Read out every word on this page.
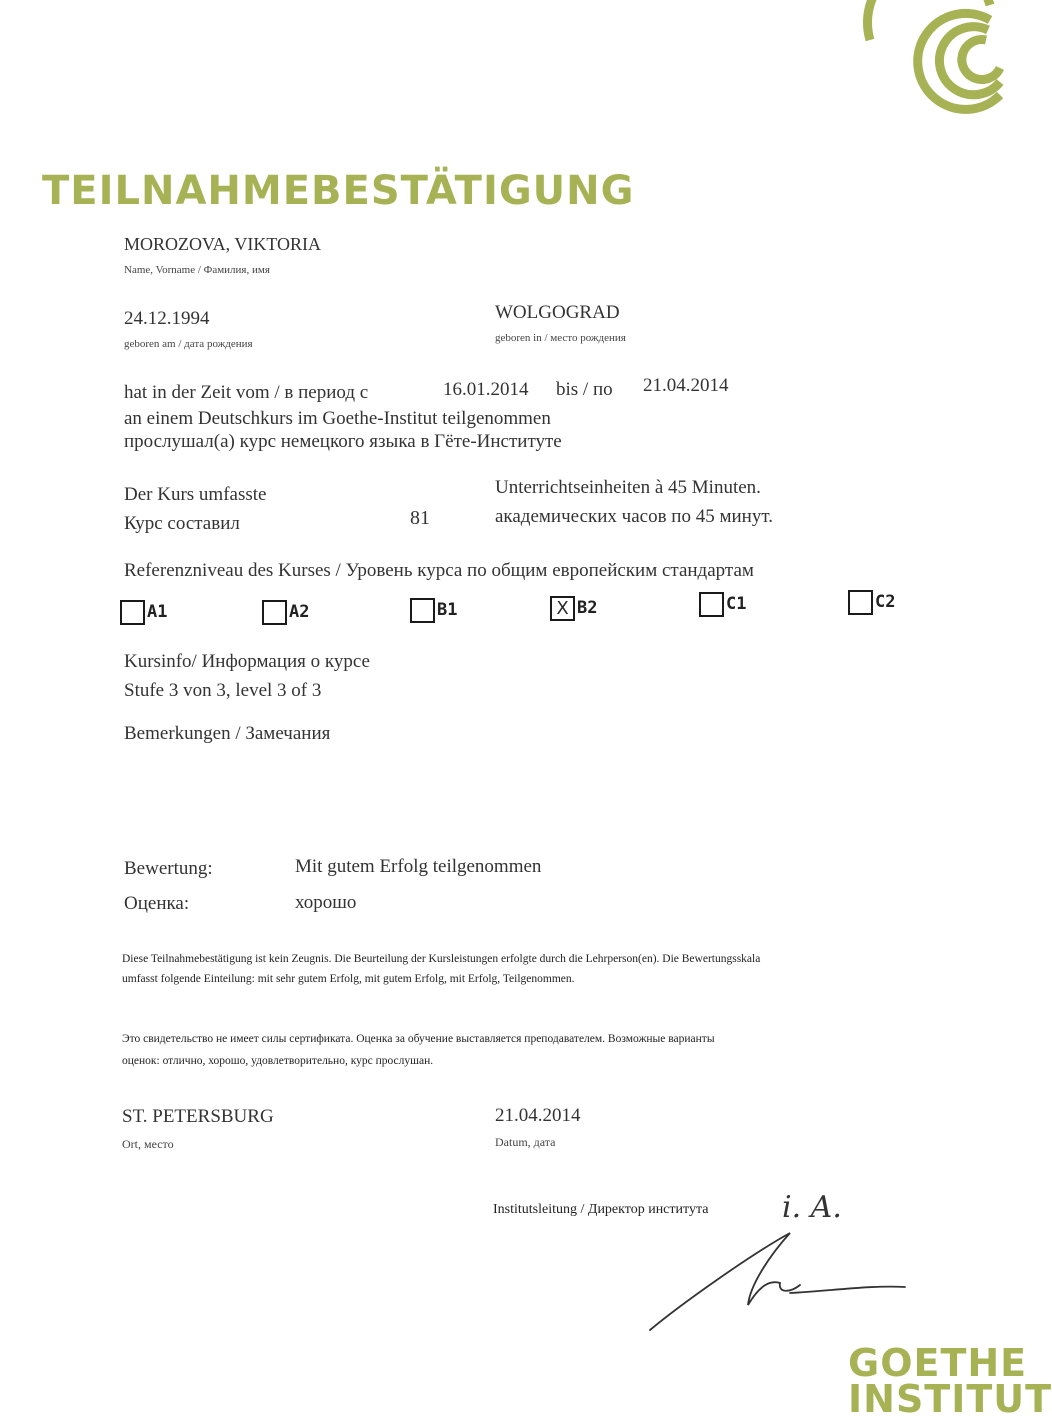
TEILNAHMEBESTÄTIGUNG
MOROZOVA, VIKTORIA
Name, Vorname / Фамилия, имя
24.12.1994
geboren am / дата рождения
WOLGOGRAD
geboren in / место рождения
hat in der Zeit vom / в период с	16.01.2014 bis / по 21.04.2014
an einem Deutschkurs im Goethe-Institut teilgenommen
прослушал(а) курс немецкого языка в Гёте-Институте
Der Kurs umfasste
Курс составил	81
Unterrichtseinheiten à 45 Minuten.
академических часов по 45 минут.
Referenzniveau des Kurses / Уровень курса по общим европейским стандартам
A1	A2	B1	X B2	C1	C2
Kursinfo/ Информация о курсе
Stufe 3 von 3, level 3 of 3
Bemerkungen / Замечания
Bewertung:	Mit gutem Erfolg teilgenommen
Оценка:	хорошо
Diese Teilnahmebestätigung ist kein Zeugnis. Die Beurteilung der Kursleistungen erfolgte durch die Lehrperson(en). Die Bewertungsskala
umfasst folgende Einteilung: mit sehr gutem Erfolg, mit gutem Erfolg, mit Erfolg, Teilgenommen.
Это свидетельство не имеет силы сертификата. Оценка за обучение выставляется преподавателем. Возможные варианты
оценок: отлично, хорошо, удовлетворительно, курс прослушан.
ST. PETERSBURG
Ort, место
21.04.2014
Datum, дата
Institutsleitung / Директор института i. A.
GOETHE
INSTITUT
